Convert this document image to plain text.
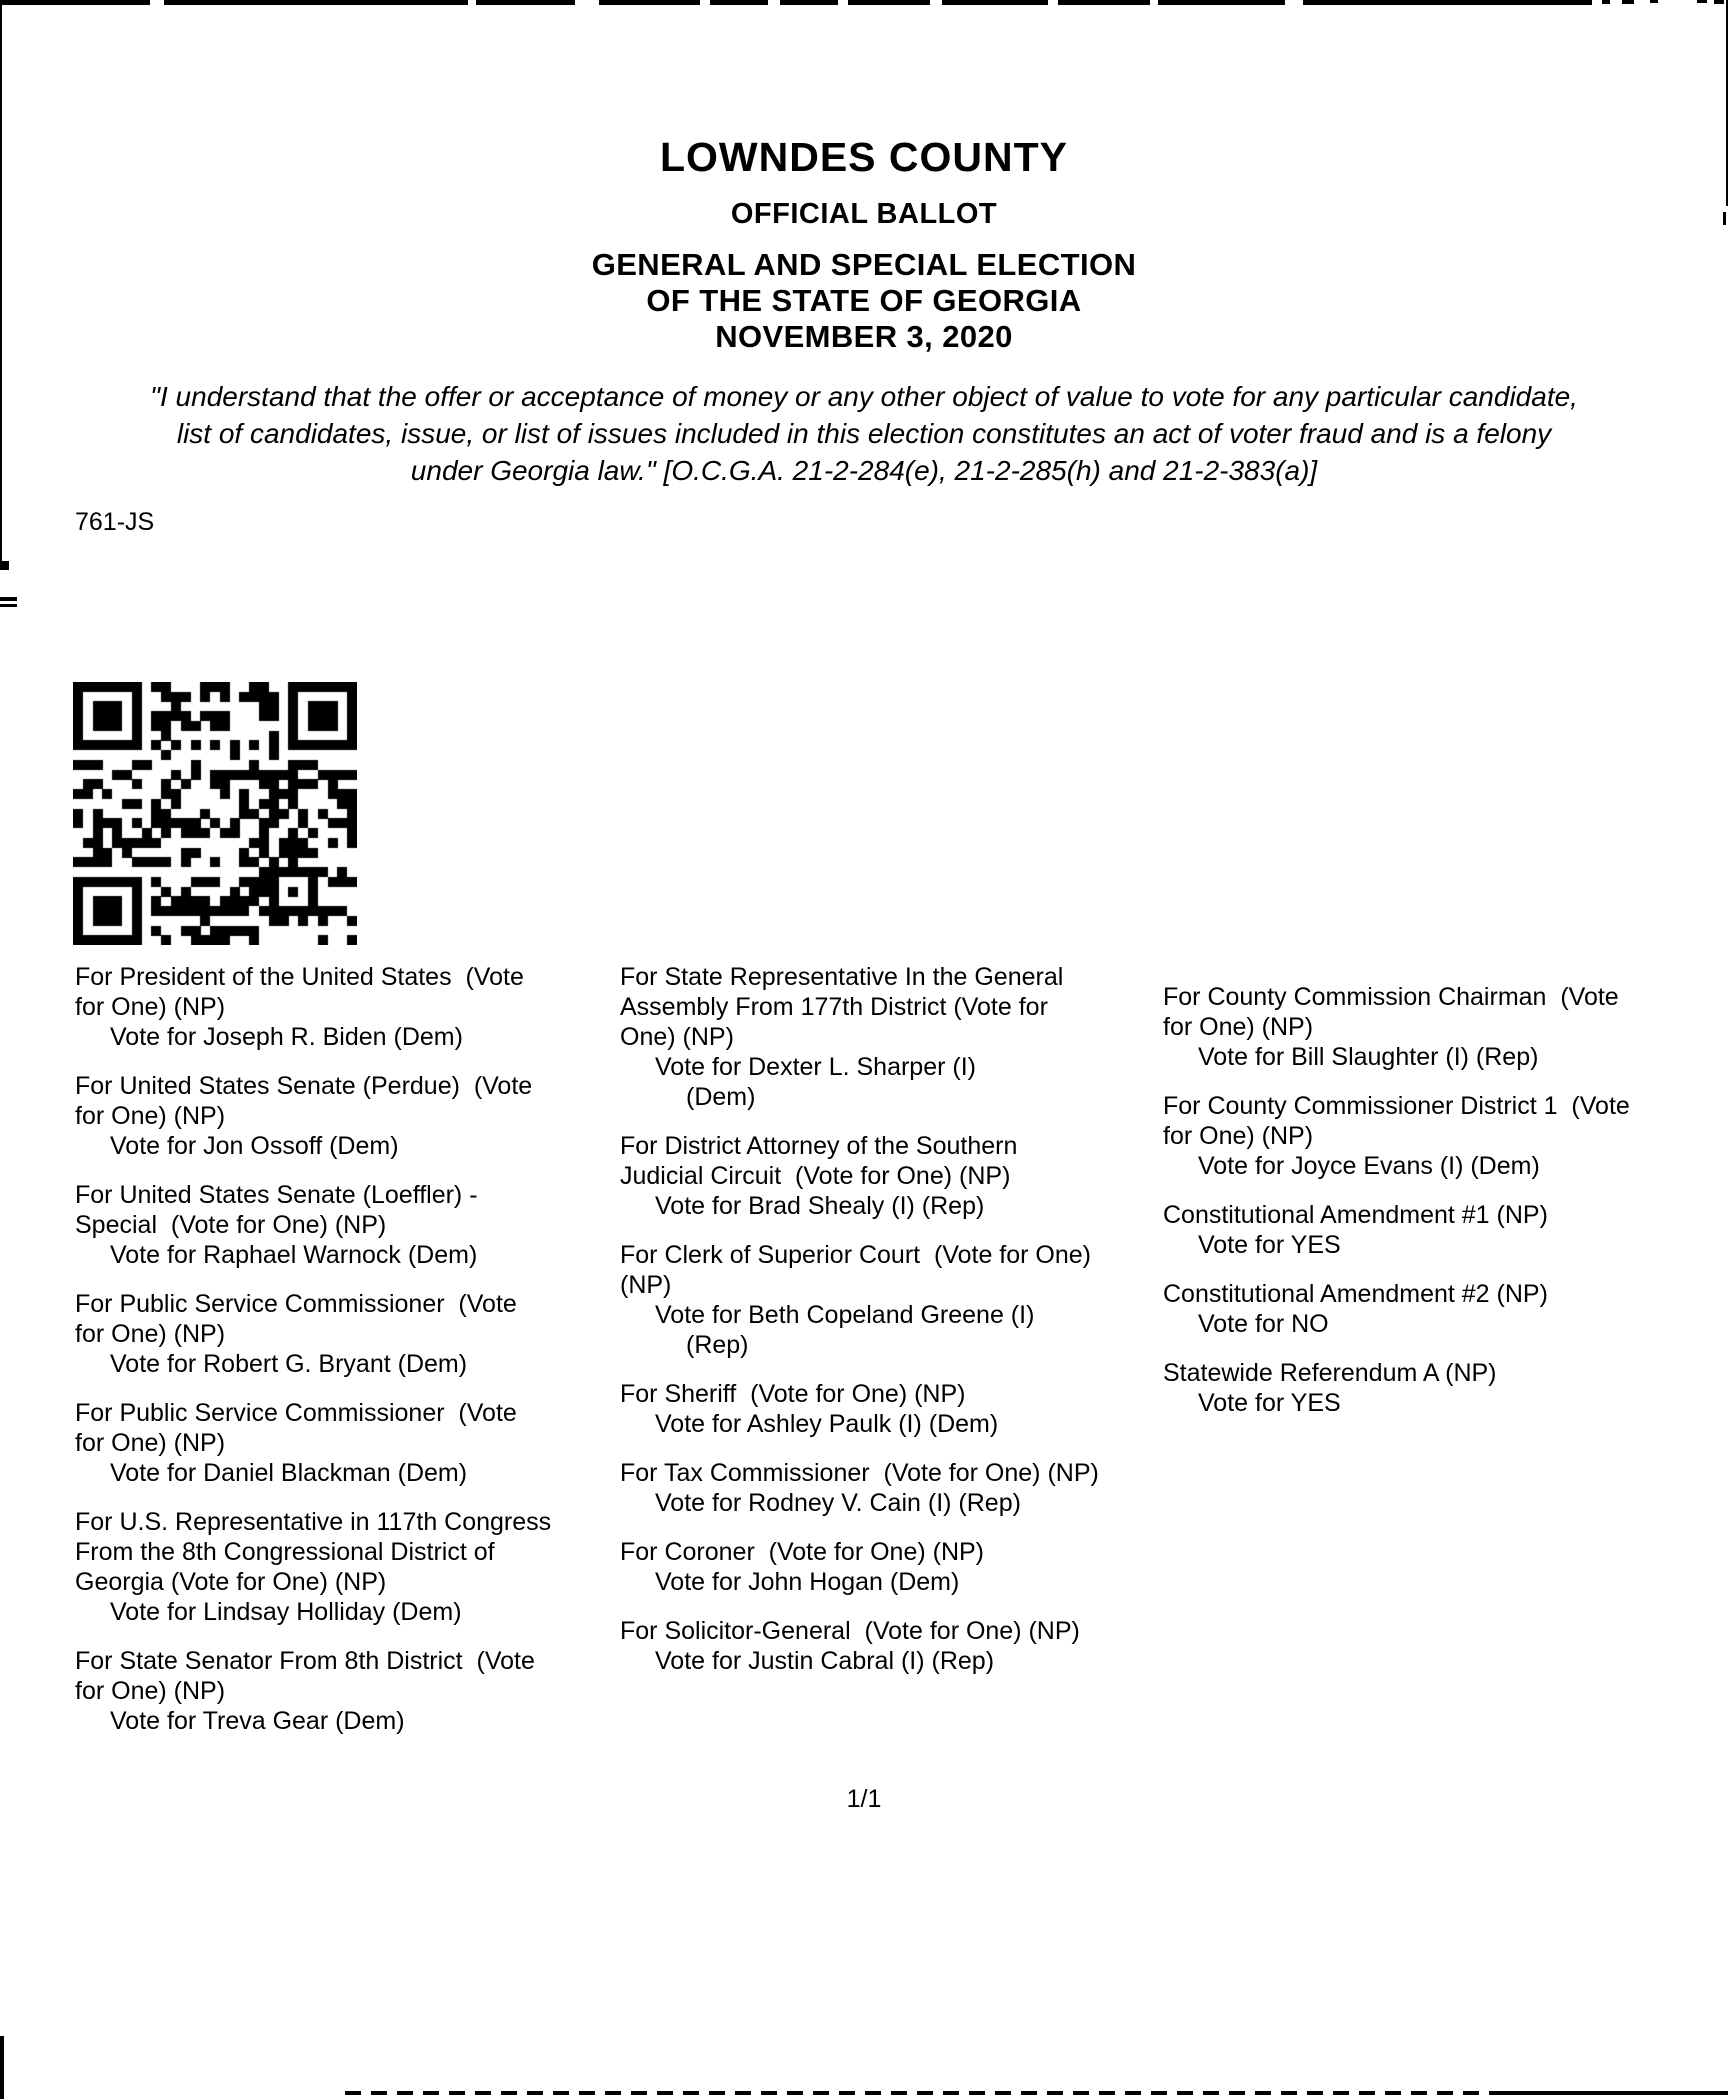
LOWNDES COUNTY
OFFICIAL BALLOT
GENERAL AND SPECIAL ELECTION
OF THE STATE OF GEORGIA
NOVEMBER 3, 2020
"I understand that the offer or acceptance of money or any other object of value to vote for any particular candidate,
list of candidates, issue, or list of issues included in this election constitutes an act of voter fraud and is a felony
under Georgia law." [O.C.G.A. 21-2-284(e), 21-2-285(h) and 21-2-383(a)]
761-JS
For President of the United States  (Vote
for One) (NP)
Vote for Joseph R. Biden (Dem)
For United States Senate (Perdue)  (Vote
for One) (NP)
Vote for Jon Ossoff (Dem)
For United States Senate (Loeffler) -
Special  (Vote for One) (NP)
Vote for Raphael Warnock (Dem)
For Public Service Commissioner  (Vote
for One) (NP)
Vote for Robert G. Bryant (Dem)
For Public Service Commissioner  (Vote
for One) (NP)
Vote for Daniel Blackman (Dem)
For U.S. Representative in 117th Congress
From the 8th Congressional District of
Georgia (Vote for One) (NP)
Vote for Lindsay Holliday (Dem)
For State Senator From 8th District  (Vote
for One) (NP)
Vote for Treva Gear (Dem)
For State Representative In the General
Assembly From 177th District (Vote for
One) (NP)
Vote for Dexter L. Sharper (I)
(Dem)
For District Attorney of the Southern
Judicial Circuit  (Vote for One) (NP)
Vote for Brad Shealy (I) (Rep)
For Clerk of Superior Court  (Vote for One)
(NP)
Vote for Beth Copeland Greene (I)
(Rep)
For Sheriff  (Vote for One) (NP)
Vote for Ashley Paulk (I) (Dem)
For Tax Commissioner  (Vote for One) (NP)
Vote for Rodney V. Cain (I) (Rep)
For Coroner  (Vote for One) (NP)
Vote for John Hogan (Dem)
For Solicitor-General  (Vote for One) (NP)
Vote for Justin Cabral (I) (Rep)
For County Commission Chairman  (Vote
for One) (NP)
Vote for Bill Slaughter (I) (Rep)
For County Commissioner District 1  (Vote
for One) (NP)
Vote for Joyce Evans (I) (Dem)
Constitutional Amendment #1 (NP)
Vote for YES
Constitutional Amendment #2 (NP)
Vote for NO
Statewide Referendum A (NP)
Vote for YES
1/1
